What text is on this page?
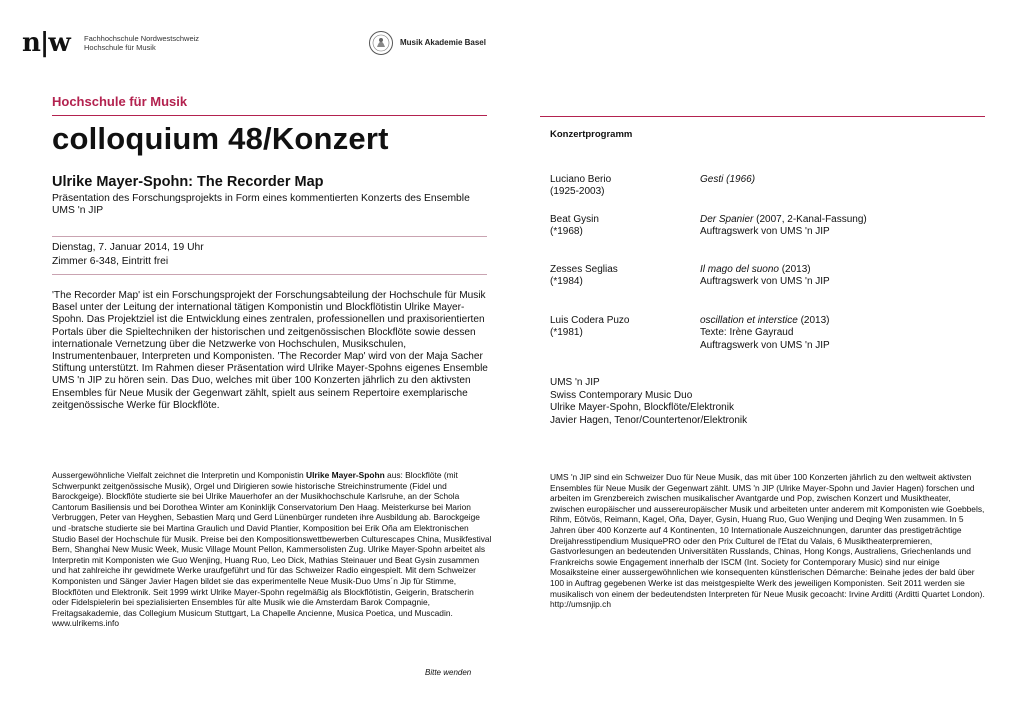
n|w Fachhochschule Nordwestschweiz
Hochschule für Musik
Musik Akademie Basel
Hochschule für Musik
colloquium 48/Konzert
Ulrike Mayer-Spohn: The Recorder Map
Präsentation des Forschungsprojekts in Form eines kommentierten Konzerts des Ensemble UMS 'n JIP
Dienstag, 7. Januar 2014, 19 Uhr
Zimmer 6-348, Eintritt frei
'The Recorder Map' ist ein Forschungsprojekt der Forschungsabteilung der Hochschule für Musik Basel unter der Leitung der international tätigen Komponistin und Blockflötistin Ulrike Mayer-Spohn. Das Projektziel ist die Entwicklung eines zentralen, professionellen und praxisorientierten Portals über die Spieltechniken der historischen und zeitgenössischen Blockflöte sowie dessen internationale Vernetzung über die Netzwerke von Hochschulen, Musikschulen, Instrumentenbauer, Interpreten und Komponisten. 'The Recorder Map' wird von der Maja Sacher Stiftung unterstützt. Im Rahmen dieser Präsentation wird Ulrike Mayer-Spohns eigenes Ensemble UMS 'n JIP zu hören sein. Das Duo, welches mit über 100 Konzerten jährlich zu den aktivsten Ensembles für Neue Musik der Gegenwart zählt, spielt aus seinem Repertoire exemplarische zeitgenössische Werke für Blockflöte.
Aussergewöhnliche Vielfalt zeichnet die Interpretin und Komponistin Ulrike Mayer-Spohn aus: Blockflöte (mit Schwerpunkt zeitgenössische Musik), Orgel und Dirigieren sowie historische Streichinstrumente (Fidel und Barockgeige). Blockflöte studierte sie bei Ulrike Mauerhofer an der Musikhochschule Karlsruhe, an der Schola Cantorum Basiliensis und bei Dorothea Winter am Koninklijk Conservatorium Den Haag. Meisterkurse bei Marion Verbruggen, Peter van Heyghen, Sebastien Marq und Gerd Lünenbürger rundeten ihre Ausbildung ab. Barockgeige und -bratsche studierte sie bei Martina Graulich und David Plantier, Komposition bei Erik Oña am Elektronischen Studio Basel der Hochschule für Musik. Preise bei den Kompositionswettbewerben Culturescapes China, Musikfestival Bern, Shanghai New Music Week, Music Village Mount Pellon, Kammersolisten Zug. Ulrike Mayer-Spohn arbeitet als Interpretin mit Komponisten wie Guo Wenjing, Huang Ruo, Leo Dick, Mathias Steinauer und Beat Gysin zusammen und hat zahlreiche ihr gewidmete Werke uraufgeführt und für das Schweizer Radio eingespielt. Mit dem Schweizer Komponisten und Sänger Javier Hagen bildet sie das experimentelle Neue Musik-Duo Ums´n Jip für Stimme, Blockflöten und Elektronik. Seit 1999 wirkt Ulrike Mayer-Spohn regelmäßig als Blockflötistin, Geigerin, Bratscherin oder Fidelspielerin bei spezialisierten Ensembles für alte Musik wie die Amsterdam Barok Compagnie, Freitagsakademie, das Collegium Musicum Stuttgart, La Chapelle Ancienne, Musica Poetica, und Muscadin. www.ulrikems.info
Bitte wenden
Konzertprogramm
Luciano Berio
(1925-2003)
Gesti (1966)
Beat Gysin
(*1968)
Der Spanier (2007, 2-Kanal-Fassung)
Auftragswerk von UMS 'n JIP
Zesses Seglias
(*1984)
Il mago del suono (2013)
Auftragswerk von UMS 'n JIP
Luis Codera Puzo
(*1981)
oscillation et interstice (2013)
Texte: Irène Gayraud
Auftragswerk von UMS 'n JIP
UMS 'n JIP
Swiss Contemporary Music Duo
Ulrike Mayer-Spohn, Blockflöte/Elektronik
Javier Hagen, Tenor/Countertenor/Elektronik
UMS 'n JIP sind ein Schweizer Duo für Neue Musik, das mit über 100 Konzerten jährlich zu den weltweit aktivsten Ensembles für Neue Musik der Gegenwart zählt. UMS 'n JIP (Ulrike Mayer-Spohn und Javier Hagen) forschen und arbeiten im Grenzbereich zwischen musikalischer Avantgarde und Pop, zwischen Konzert und Musiktheater, zwischen europäischer und aussereuropäischer Musik und arbeiteten unter anderem mit Komponisten wie Goebbels, Rihm, Eötvös, Reimann, Kagel, Oña, Dayer, Gysin, Huang Ruo, Guo Wenjing und Deqing Wen zusammen. In 5 Jahren über 400 Konzerte auf 4 Kontinenten, 10 Internationale Auszeichnungen, darunter das prestigeträchtige Dreijahresstipendium MusiquePRO oder den Prix Culturel de l'Etat du Valais, 6 Musiktheaterpremieren, Gastvorlesungen an bedeutenden Universitäten Russlands, Chinas, Hong Kongs, Australiens, Griechenlands und Frankreichs sowie Engagement innerhalb der ISCM (Int. Society for Contemporary Music) sind nur einige Mosaiksteine einer aussergewöhnlichen wie konsequenten künstlerischen Démarche: Beinahe jedes der bald über 100 in Auftrag gegebenen Werke ist das meistgespielte Werk des jeweiligen Komponisten. Seit 2011 werden sie musikalisch von einem der bedeutendsten Interpreten für Neue Musik gecoacht: Irvine Arditti (Arditti Quartet London). http://umsnjip.ch
